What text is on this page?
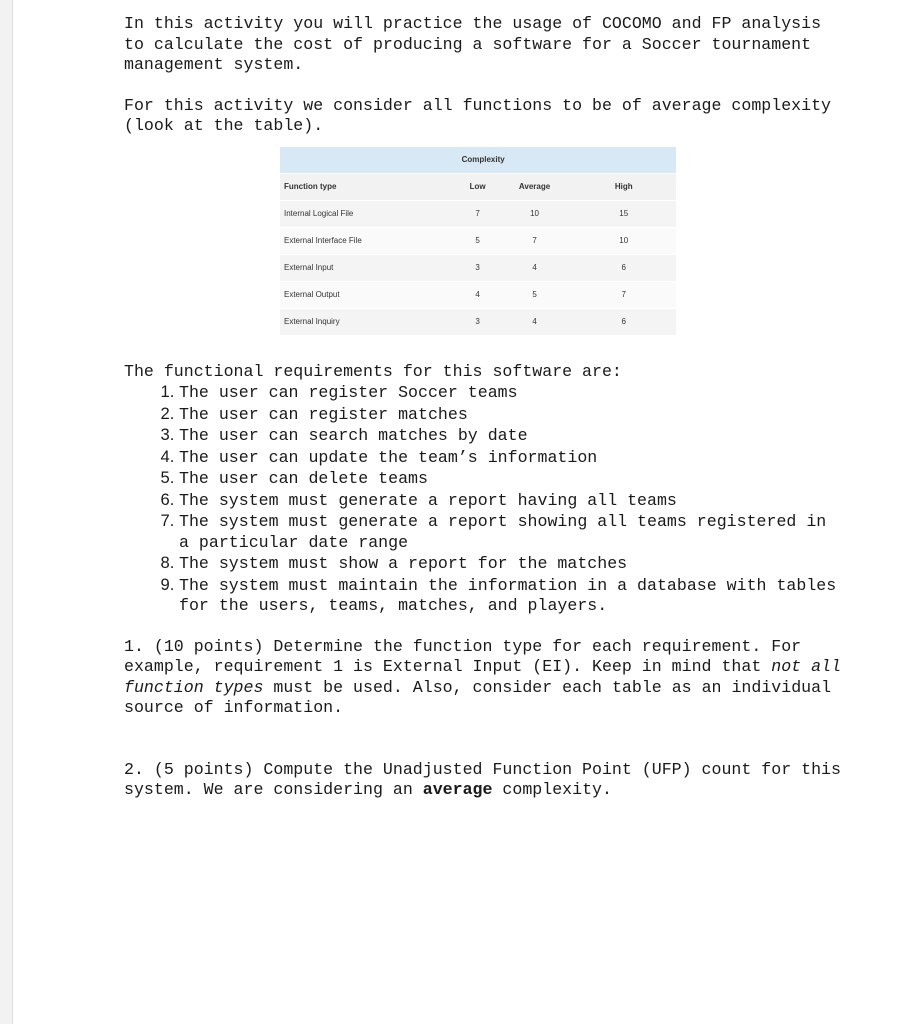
In this activity you will practice the usage of COCOMO and FP analysis to calculate the cost of producing a software for a Soccer tournament management system.

For this activity we consider all functions to be of average complexity (look at the table).

	Complexity		
Function type	Low	Average	High
Internal Logical File	7	10	15
External Interface File	5	7	10
External Input	3	4	6
External Output	4	5	7
External Inquiry	3	4	6

The functional requirements for this software are:

1. The user can register Soccer teams
2. The user can register matches
3. The user can search matches by date
4. The user can update the team’s information
5. The user can delete teams
6. The system must generate a report having all teams
7. The system must generate a report showing all teams registered in a particular date range
8. The system must show a report for the matches
9. The system must maintain the information in a database with tables for the users, teams, matches, and players.

1. (10 points) Determine the function type for each requirement. For example, requirement 1 is External Input (EI). Keep in mind that not all function types must be used. Also, consider each table as an individual source of information.

2. (5 points) Compute the Unadjusted Function Point (UFP) count for this system. We are considering an average complexity.
